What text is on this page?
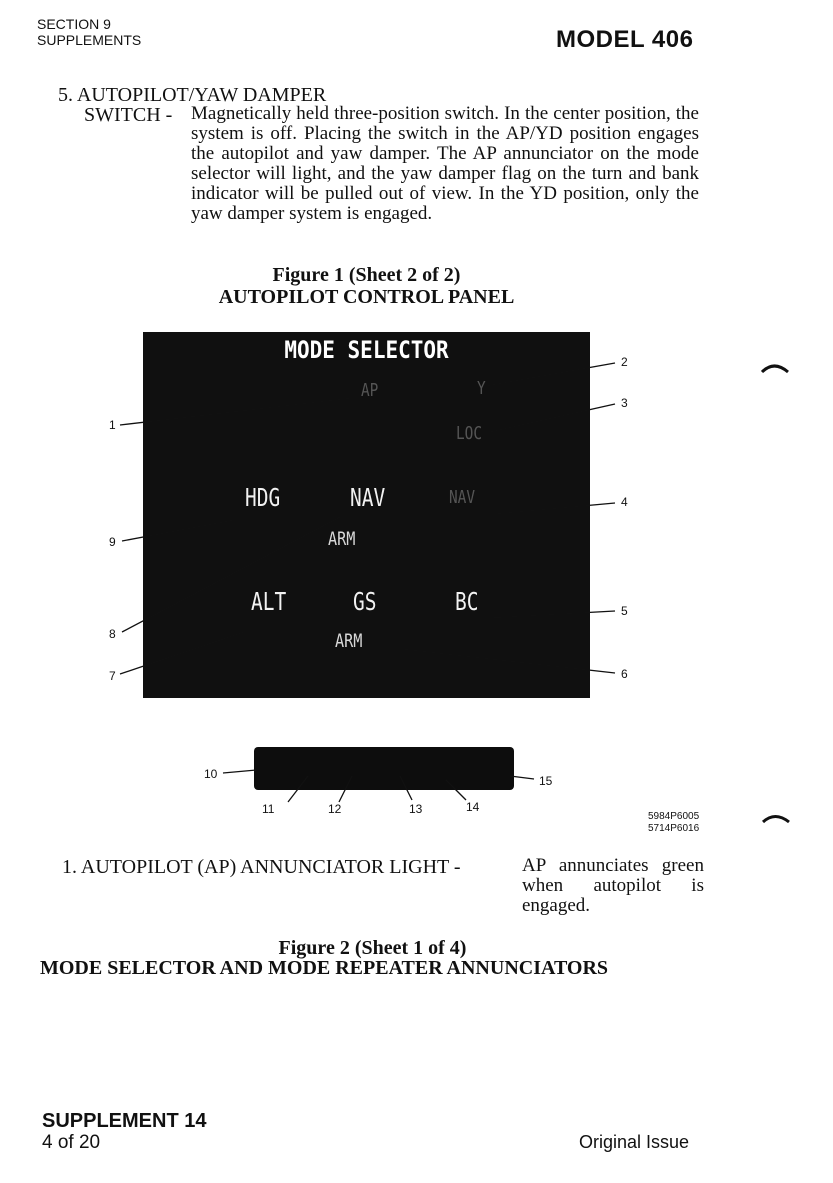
SECTION 9
SUPPLEMENTS	MODEL 406
5. AUTOPILOT/YAW DAMPER
SWITCH - Magnetically held three-position switch. In the center position, the system is off. Placing the switch in the AP/YD position engages the autopilot and yaw damper. The AP annunciator on the mode selector will light, and the yaw damper flag on the turn and bank indicator will be pulled out of view. In the YD position, only the yaw damper system is engaged.
Figure 1 (Sheet 2 of 2)
AUTOPILOT CONTROL PANEL
MODE SELECTOR
AP	Y
LOC
NAV
HDG	NAV
ARM
ALT	GS	BC
ARM
1
2
3
4
5
6
7
8
9
10
11	12	13	14
15
5984P6005
5714P6016
1. AUTOPILOT (AP) ANNUNCIATOR LIGHT -	AP annunciates green when autopilot is engaged.
Figure 2 (Sheet 1 of 4)
MODE SELECTOR AND MODE REPEATER ANNUNCIATORS
SUPPLEMENT 14
4 of 20	Original Issue
